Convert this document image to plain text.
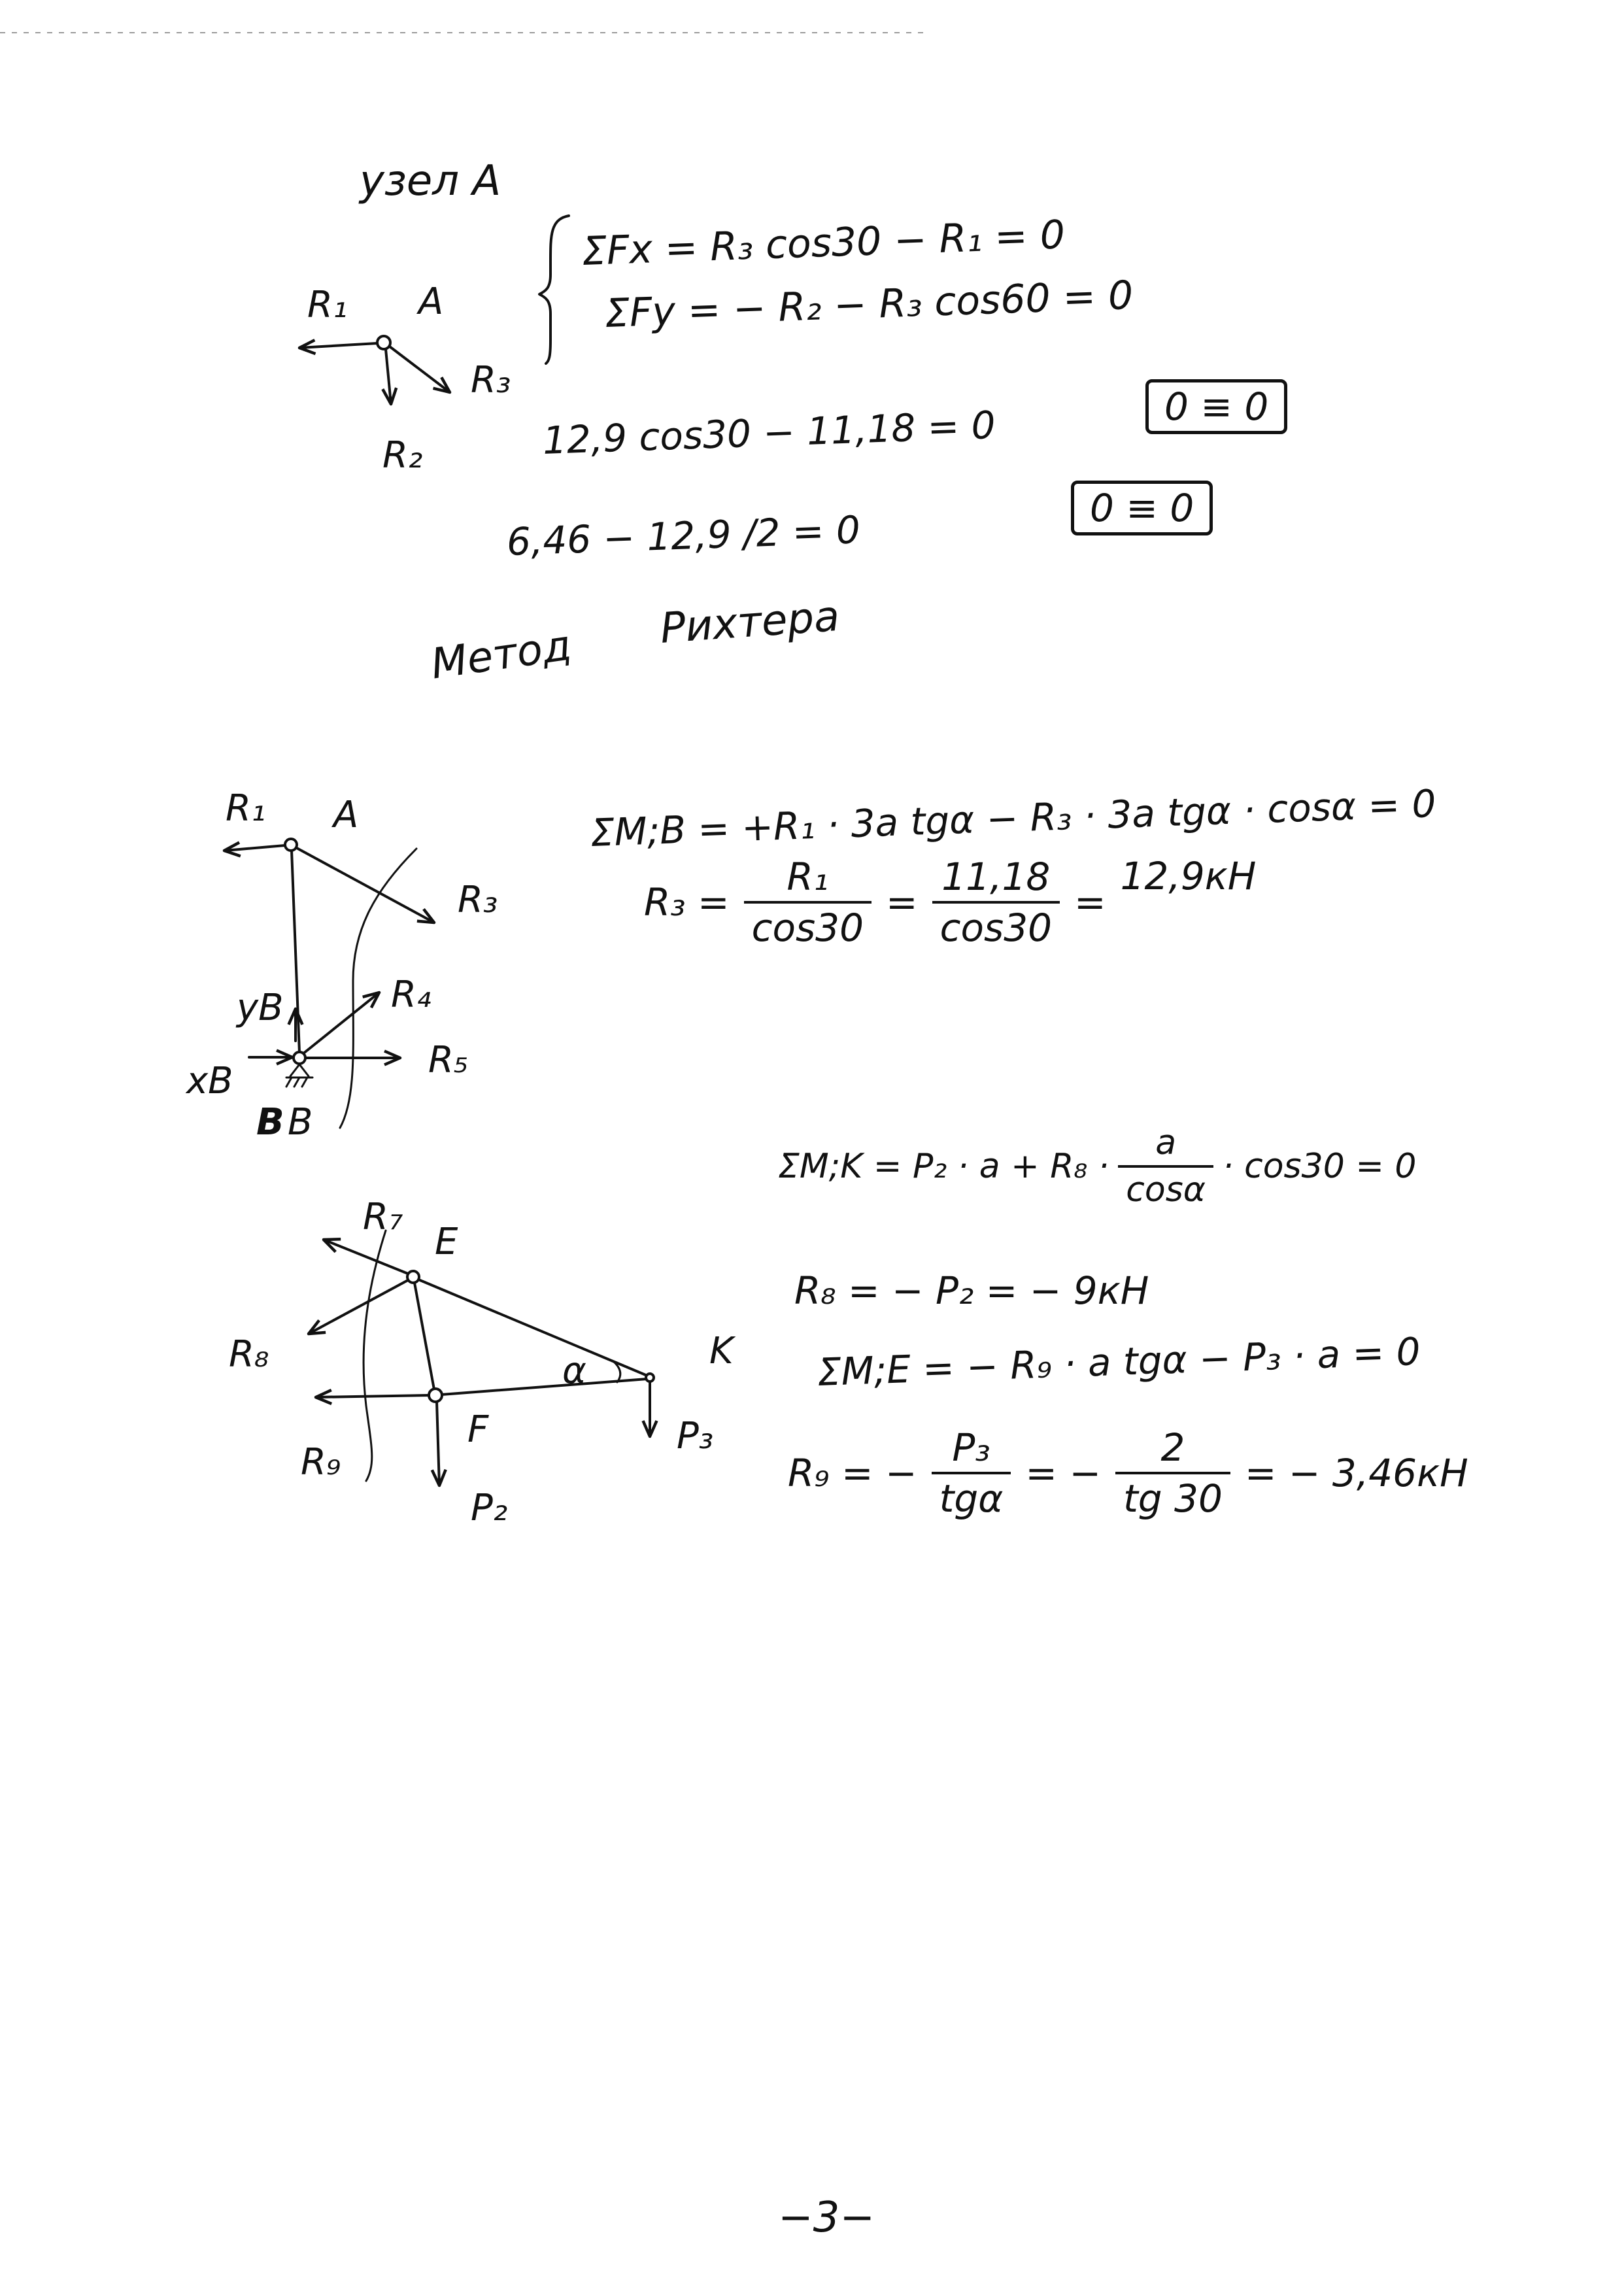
R₁ A
R₃
R₂
R₁ A
R₃
yB	R₄
R₅
xB
B B
R₇
E
R₈	K
α
F
R₉
P₂
P₃
узел А
ΣFx = R₃ cos30 − R₁ = 0
ΣFy = − R₂ − R₃ cos60 = 0
12,9 cos30 − 11,18 = 0	0 ≡ 0
6,46 − 12,9 /2 = 0	0 ≡ 0
Метод Рихтера
ΣM;B = +R₁ · 3a tgα − R₃ · 3a tgα · cosα = 0
$R_3 = \frac{\text{R₁}}{\cos 30} = \frac{11,18}{\cos 30}$ =
12,9кН
ΣM;K = $P_2 \cdot a + R_8 \cdot \frac{a}{\cos\alpha} \cdot \cos 30 = 0$
R₈ = − P₂ = − 9кН
ΣM;E = − R₉ · a tgα − P₃ · a = 0
R₉ = − $\frac{\text{P₃}}{\text{tgα}}$ = − $\frac{2}{tg 30}$ = − 3,46кН
−3−
